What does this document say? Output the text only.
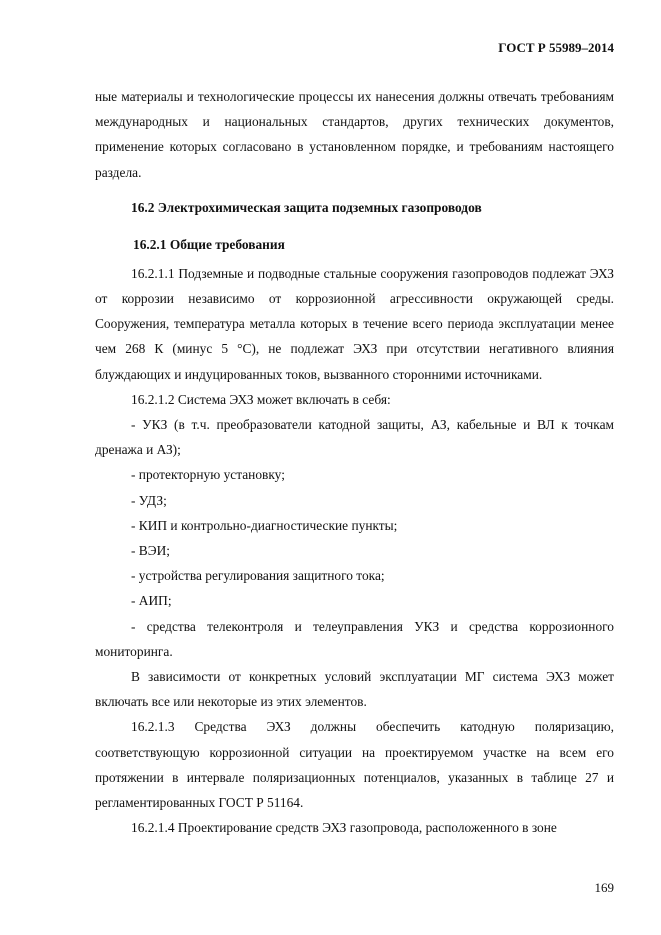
ГОСТ Р 55989–2014

ные материалы и технологические процессы их нанесения должны отвечать требованиям международных и национальных стандартов, других технических документов, применение которых согласовано в установленном порядке, и требованиям настоящего раздела.

16.2 Электрохимическая защита подземных газопроводов
16.2.1 Общие требования

16.2.1.1 Подземные и подводные стальные сооружения газопроводов подлежат ЭХЗ от коррозии независимо от коррозионной агрессивности окружающей среды. Сооружения, температура металла которых в течение всего периода эксплуатации менее чем 268 К (минус 5 °С), не подлежат ЭХЗ при отсутствии негативного влияния блуждающих и индуцированных токов, вызванного сторонними источниками.

16.2.1.2 Система ЭХЗ может включать в себя:

- УКЗ (в т.ч. преобразователи катодной защиты, АЗ, кабельные и ВЛ к точкам дренажа и АЗ);

- протекторную установку;

- УДЗ;

- КИП и контрольно-диагностические пункты;

- ВЭИ;

- устройства регулирования защитного тока;

- АИП;

- средства телеконтроля и телеуправления УКЗ и средства коррозионного мониторинга.

В зависимости от конкретных условий эксплуатации МГ система ЭХЗ может включать все или некоторые из этих элементов.

16.2.1.3 Средства ЭХЗ должны обеспечить катодную поляризацию, соответствующую коррозионной ситуации на проектируемом участке на всем его протяжении в интервале поляризационных потенциалов, указанных в таблице 27 и регламентированных ГОСТ Р 51164.

16.2.1.4 Проектирование средств ЭХЗ газопровода, расположенного в зоне

169
